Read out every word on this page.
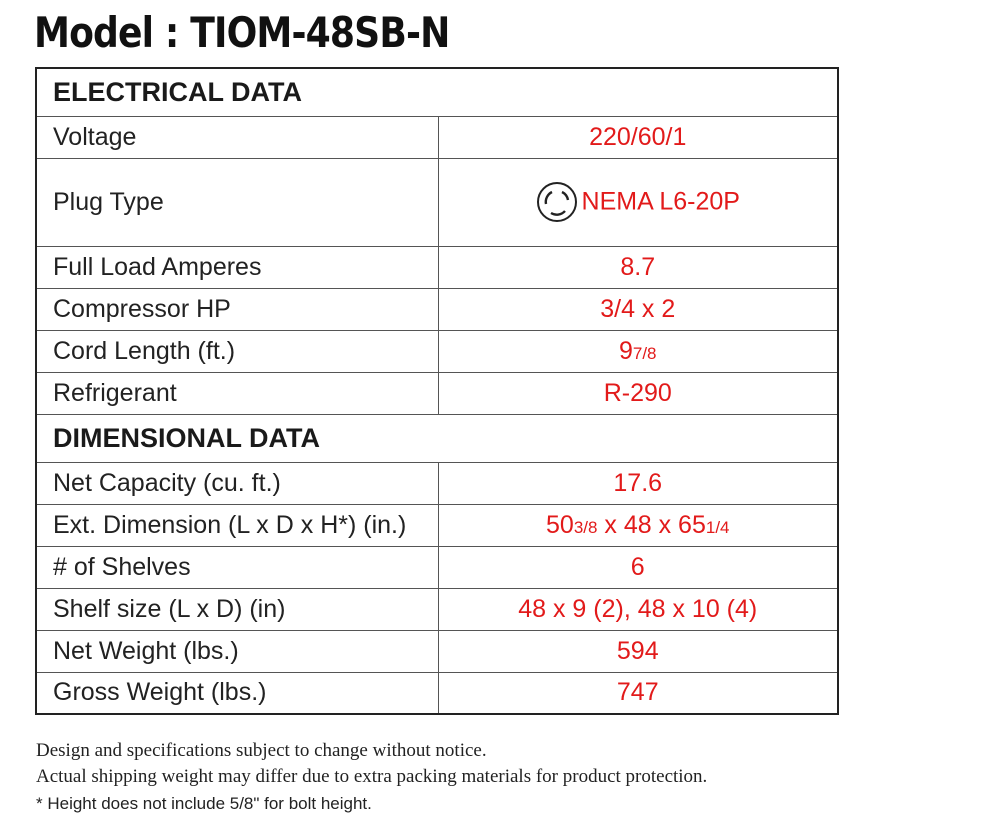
Model : TIOM-48SB-N
ELECTRICAL DATA	
Voltage	220/60/1
Plug Type	NEMA L6-20P
Full Load Amperes	8.7
Compressor HP	3/4 x 2
Cord Length (ft.)	97/8
Refrigerant	R-290
DIMENSIONAL DATA	
Net Capacity (cu. ft.)	17.6
Ext. Dimension (L x D x H*) (in.)	503/8 x 48 x 651/4
# of Shelves	6
Shelf size (L x D) (in)	48 x 9 (2), 48 x 10 (4)
Net Weight (lbs.)	594
Gross Weight (lbs.)	747
Design and specifications subject to change without notice.
Actual shipping weight may differ due to extra packing materials for product protection.
* Height does not include 5/8" for bolt height.
